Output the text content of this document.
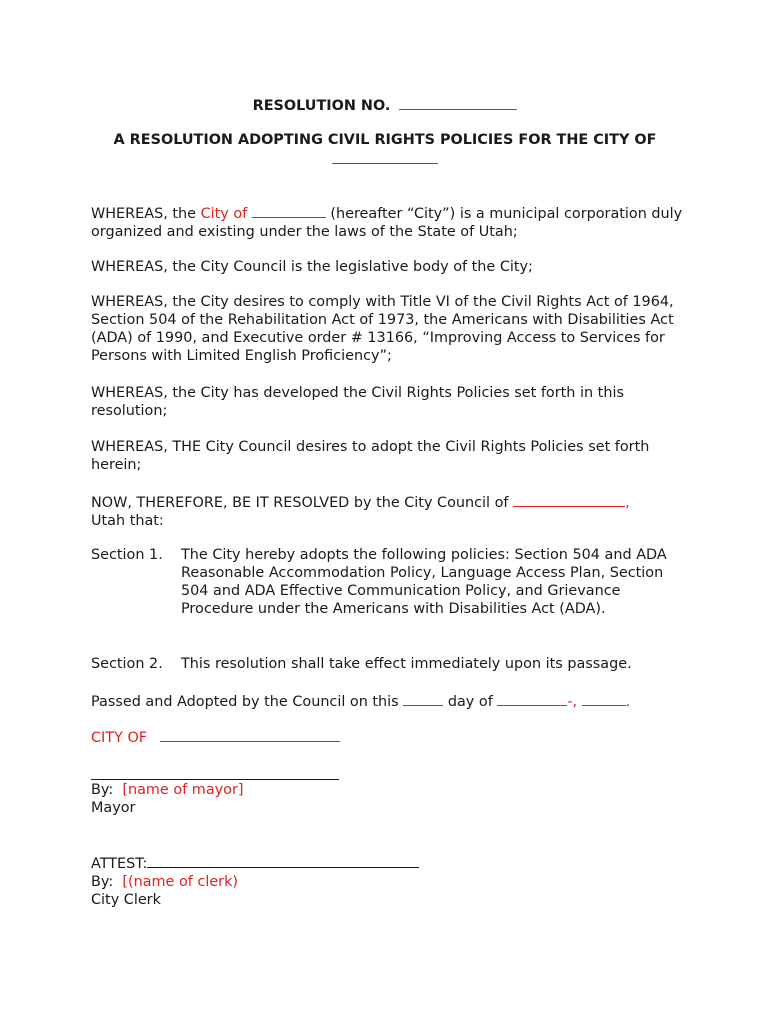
RESOLUTION NO.
A RESOLUTION ADOPTING CIVIL RIGHTS POLICIES FOR THE CITY OF
WHEREAS, the City of	(hereafter “City”) is a municipal corporation duly organized and existing under the laws of the State of Utah;
WHEREAS, the City Council is the legislative body of the City;
WHEREAS, the City desires to comply with Title VI of the Civil Rights Act of 1964, Section 504 of the Rehabilitation Act of 1973, the Americans with Disabilities Act (ADA) of 1990, and Executive order # 13166, “Improving Access to Services for Persons with Limited English Proficiency”;
WHEREAS, the City has developed the Civil Rights Policies set forth in this resolution;
WHEREAS, THE City Council desires to adopt the Civil Rights Policies set forth herein;
NOW, THEREFORE, BE IT RESOLVED by the City Council of	,
Utah that:
Section 1. The City hereby adopts the following policies: Section 504 and ADA Reasonable Accommodation Policy, Language Access Plan, Section 504 and ADA Effective Communication Policy, and Grievance Procedure under the Americans with Disabilities Act (ADA).
Section 2. This resolution shall take effect immediately upon its passage.
Passed and Adopted by the Council on this	day of	-,	.
CITY OF
By: [name of mayor]
Mayor
ATTEST:
By: [(name of clerk)
City Clerk
